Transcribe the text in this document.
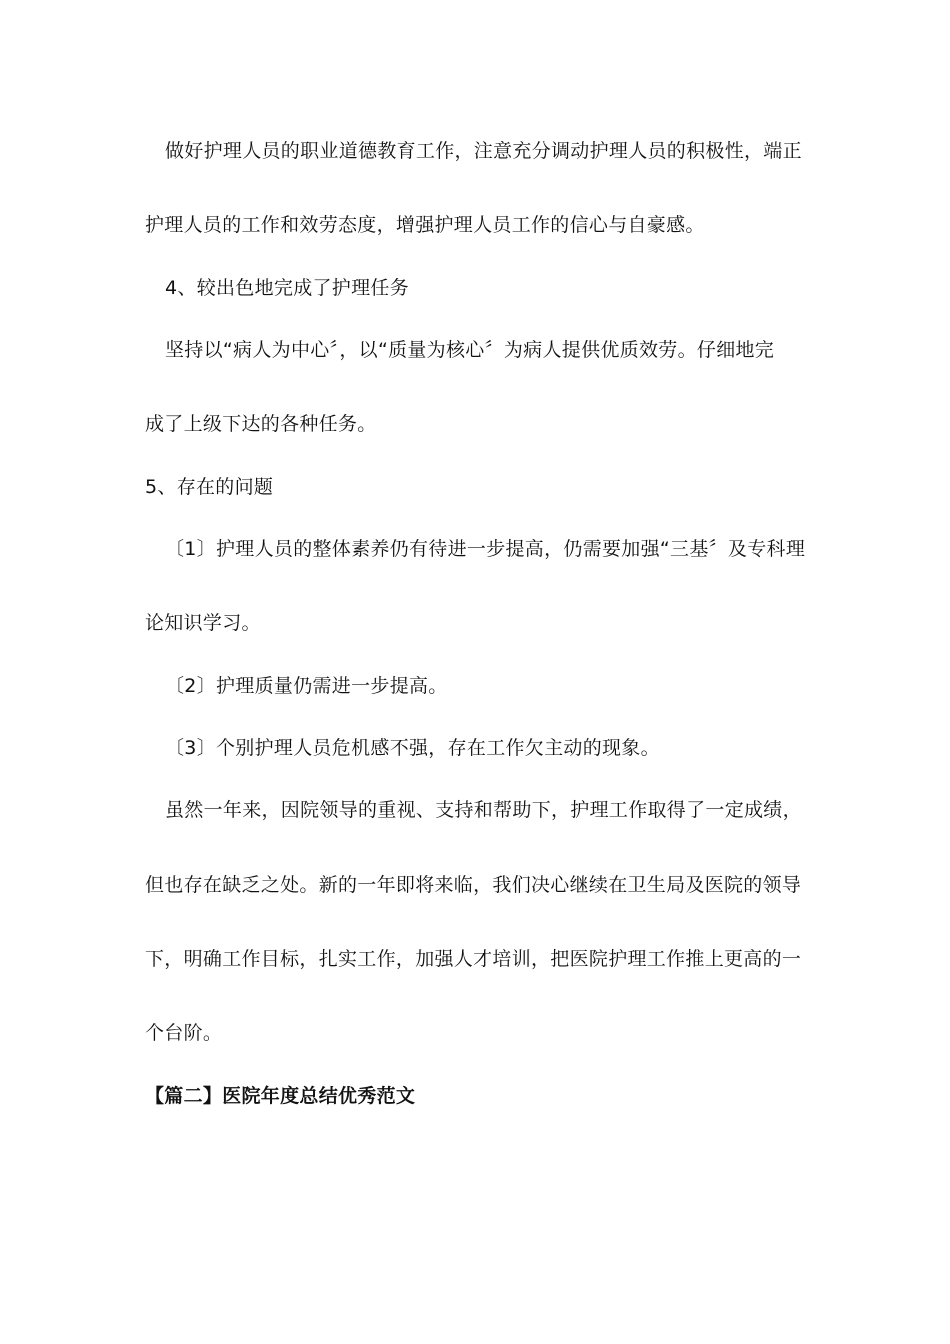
做好护理人员的职业道德教育工作，注意充分调动护理人员的积极性，端正

护理人员的工作和效劳态度，增强护理人员工作的信心与自豪感。

4、较出色地完成了护理任务

坚持以“病人为中心〞，以“质量为核心〞为病人提供优质效劳。仔细地完

成了上级下达的各种任务。

5、存在的问题

〔1〕护理人员的整体素养仍有待进一步提高，仍需要加强“三基〞及专科理

论知识学习。

〔2〕护理质量仍需进一步提高。

〔3〕个别护理人员危机感不强，存在工作欠主动的现象。

虽然一年来，因院领导的重视、支持和帮助下，护理工作取得了一定成绩，

但也存在缺乏之处。新的一年即将来临，我们决心继续在卫生局及医院的领导

下，明确工作目标，扎实工作，加强人才培训，把医院护理工作推上更高的一

个台阶。

【篇二】医院年度总结优秀范文
